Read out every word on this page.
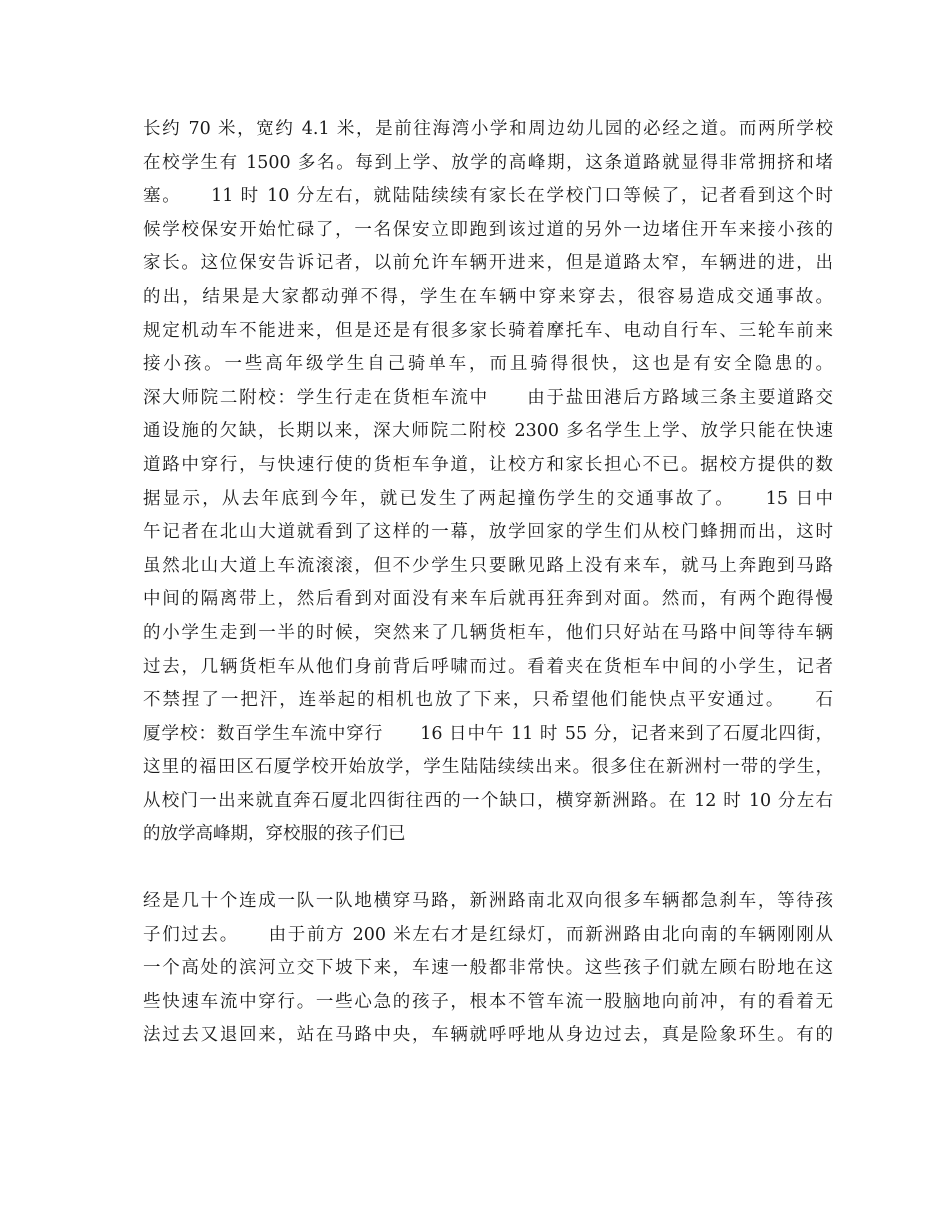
长约 70 米，宽约 4.1 米，是前往海湾小学和周边幼儿园的必经之道。而两所学校
在校学生有 1500 多名。每到上学、放学的高峰期，这条道路就显得非常拥挤和堵
塞。　　11 时 10 分左右，就陆陆续续有家长在学校门口等候了，记者看到这个时
候学校保安开始忙碌了，一名保安立即跑到该过道的另外一边堵住开车来接小孩的
家长。这位保安告诉记者，以前允许车辆开进来，但是道路太窄，车辆进的进，出
的出，结果是大家都动弹不得，学生在车辆中穿来穿去，很容易造成交通事故。
规定机动车不能进来，但是还是有很多家长骑着摩托车、电动自行车、三轮车前来
接小孩。一些高年级学生自己骑单车，而且骑得很快，这也是有安全隐患的。
深大师院二附校：学生行走在货柜车流中　　由于盐田港后方路域三条主要道路交
通设施的欠缺，长期以来，深大师院二附校 2300 多名学生上学、放学只能在快速
道路中穿行，与快速行使的货柜车争道，让校方和家长担心不已。据校方提供的数
据显示，从去年底到今年，就已发生了两起撞伤学生的交通事故了。　　15 日中
午记者在北山大道就看到了这样的一幕，放学回家的学生们从校门蜂拥而出，这时
虽然北山大道上车流滚滚，但不少学生只要瞅见路上没有来车，就马上奔跑到马路
中间的隔离带上，然后看到对面没有来车后就再狂奔到对面。然而，有两个跑得慢
的小学生走到一半的时候，突然来了几辆货柜车，他们只好站在马路中间等待车辆
过去，几辆货柜车从他们身前背后呼啸而过。看着夹在货柜车中间的小学生，记者
不禁捏了一把汗，连举起的相机也放了下来，只希望他们能快点平安通过。　　石
厦学校：数百学生车流中穿行　　16 日中午 11 时 55 分，记者来到了石厦北四街，
这里的福田区石厦学校开始放学，学生陆陆续续出来。很多住在新洲村一带的学生，
从校门一出来就直奔石厦北四街往西的一个缺口，横穿新洲路。在 12 时 10 分左右
的放学高峰期，穿校服的孩子们已
经是几十个连成一队一队地横穿马路，新洲路南北双向很多车辆都急刹车，等待孩
子们过去。　　由于前方 200 米左右才是红绿灯，而新洲路由北向南的车辆刚刚从
一个高处的滨河立交下坡下来，车速一般都非常快。这些孩子们就左顾右盼地在这
些快速车流中穿行。一些心急的孩子，根本不管车流一股脑地向前冲，有的看着无
法过去又退回来，站在马路中央，车辆就呼呼地从身边过去，真是险象环生。有的
